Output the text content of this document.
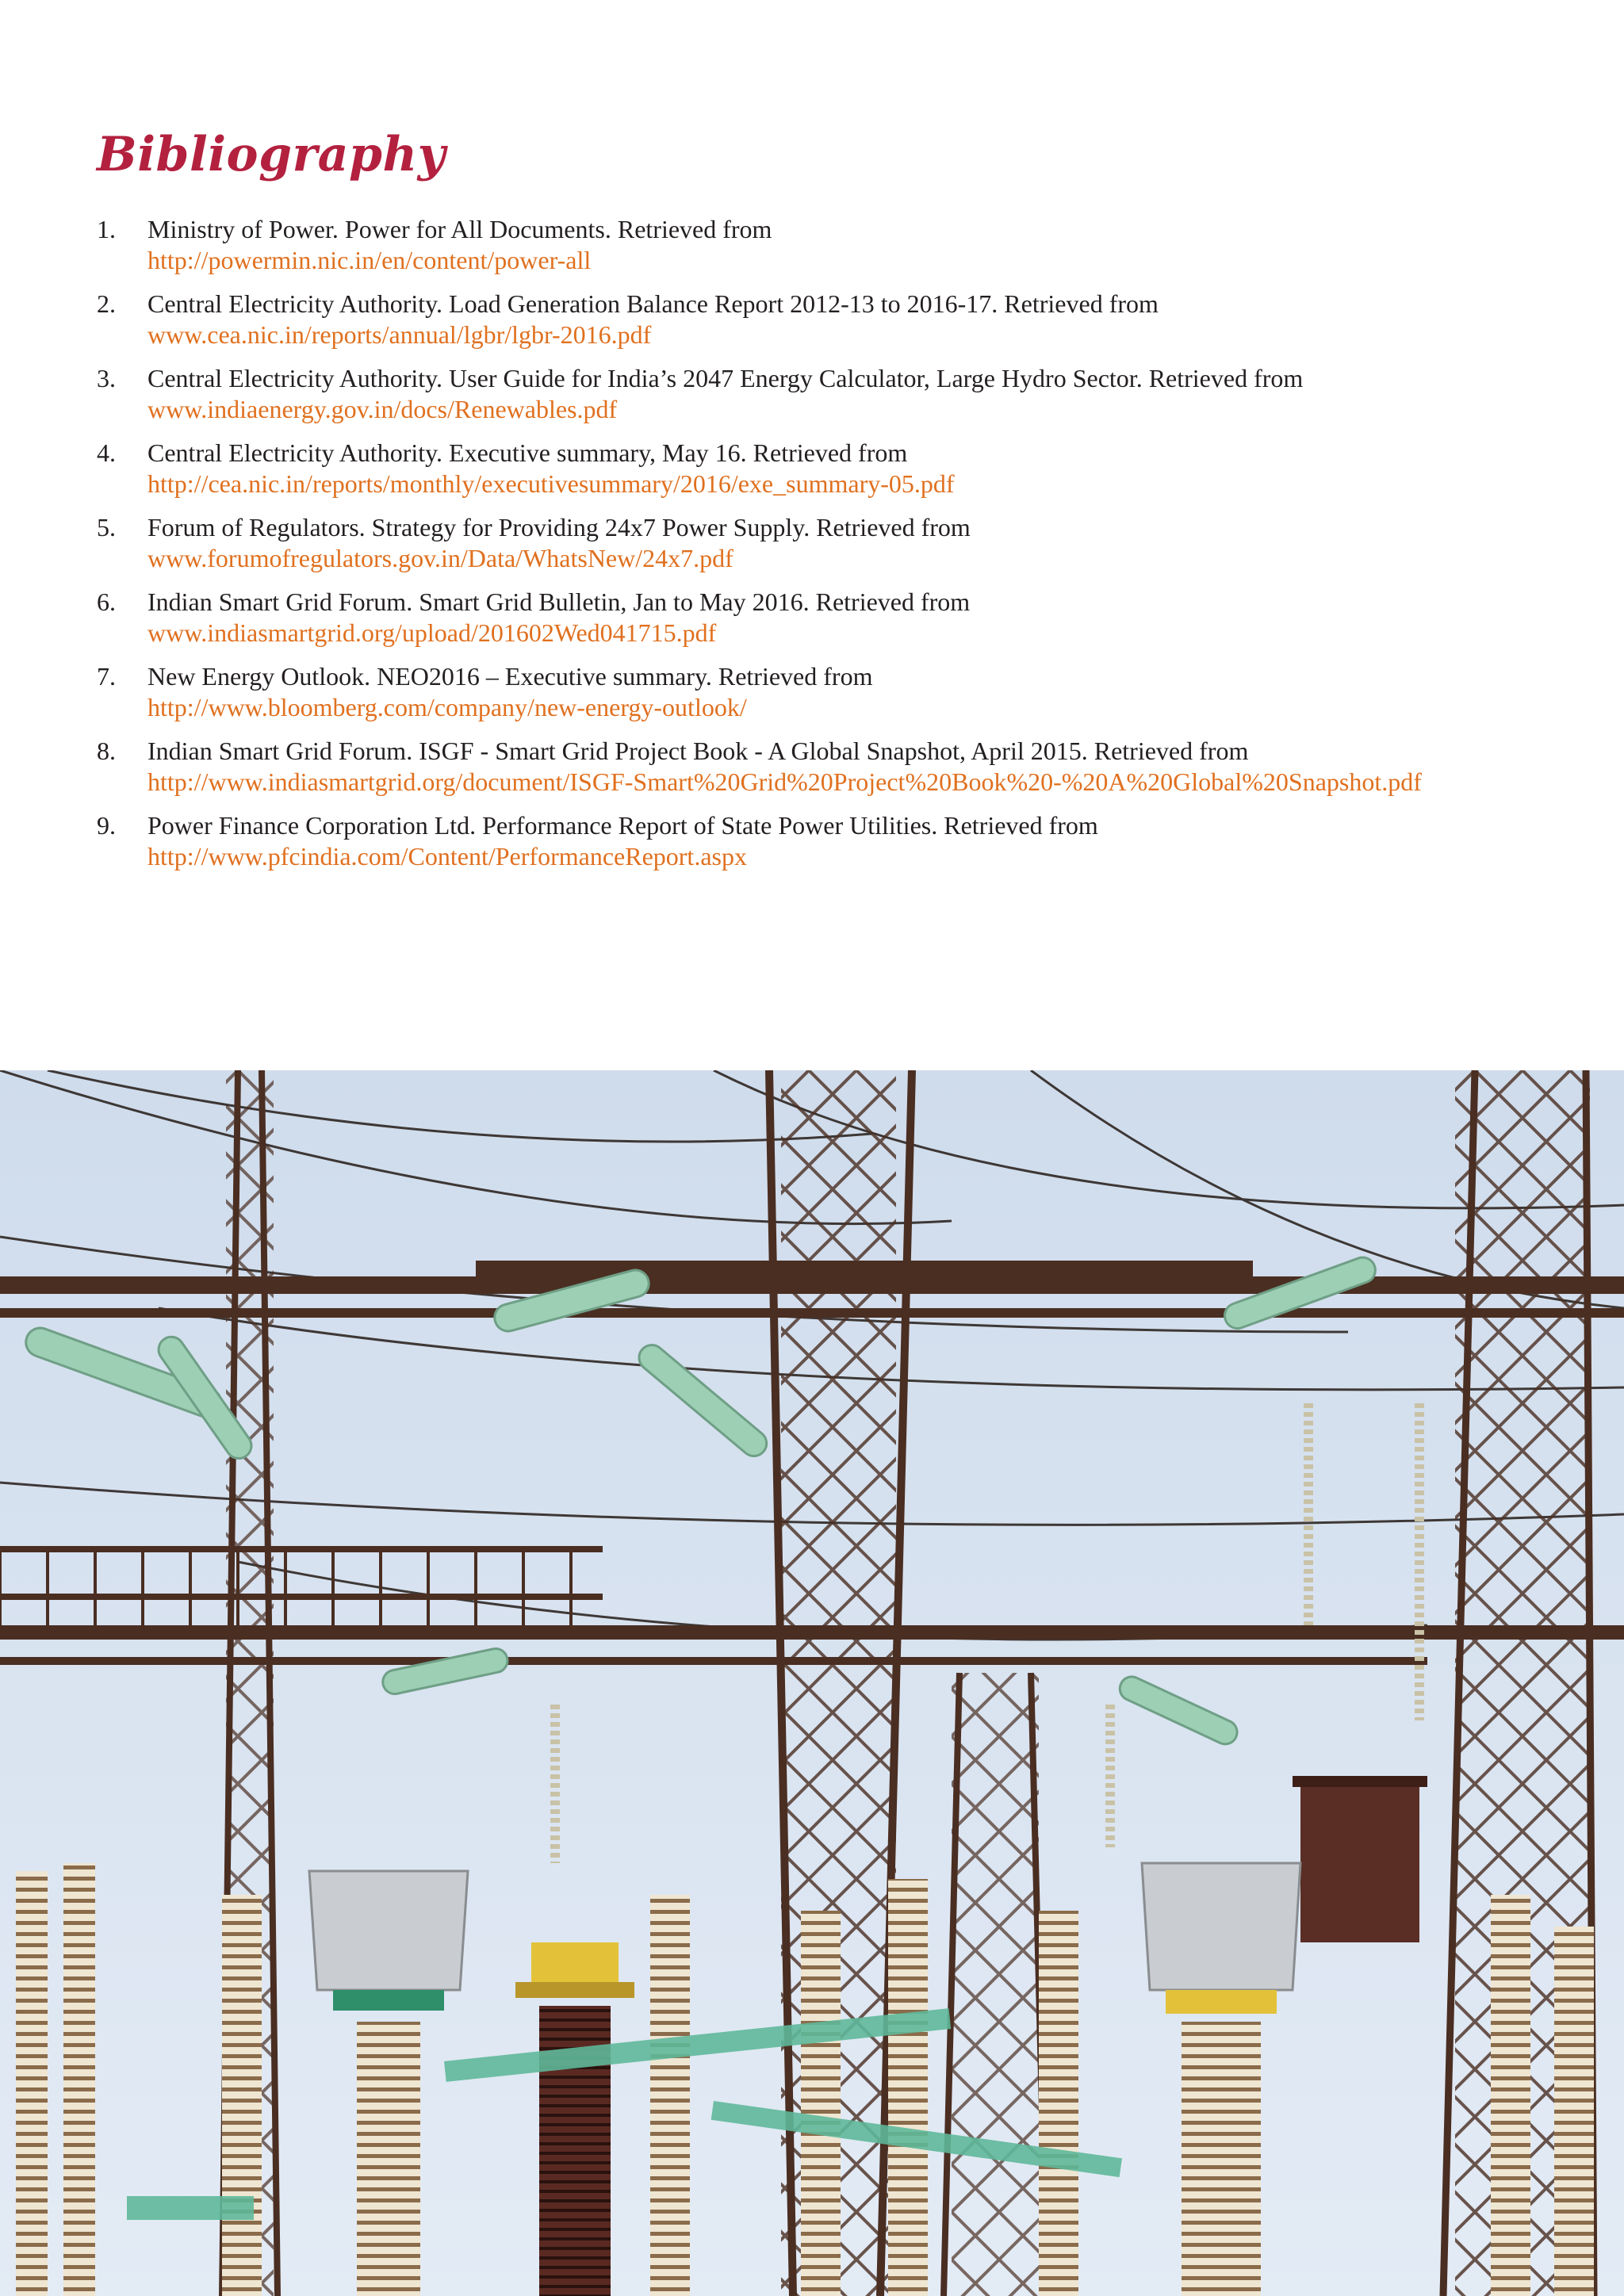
Bibliography
1. Ministry of Power. Power for All Documents. Retrieved from
http://powermin.nic.in/en/content/power-all
2. Central Electricity Authority. Load Generation Balance Report 2012-13 to 2016-17. Retrieved from
www.cea.nic.in/reports/annual/lgbr/lgbr-2016.pdf
3. Central Electricity Authority. User Guide for India’s 2047 Energy Calculator, Large Hydro Sector. Retrieved from
www.indiaenergy.gov.in/docs/Renewables.pdf
4. Central Electricity Authority. Executive summary, May 16. Retrieved from
http://cea.nic.in/reports/monthly/executivesummary/2016/exe_summary-05.pdf
5. Forum of Regulators. Strategy for Providing 24x7 Power Supply. Retrieved from
www.forumofregulators.gov.in/Data/WhatsNew/24x7.pdf
6. Indian Smart Grid Forum. Smart Grid Bulletin, Jan to May 2016. Retrieved from
www.indiasmartgrid.org/upload/201602Wed041715.pdf
7. New Energy Outlook. NEO2016 – Executive summary. Retrieved from
http://www.bloomberg.com/company/new-energy-outlook/
8. Indian Smart Grid Forum. ISGF - Smart Grid Project Book - A Global Snapshot, April 2015. Retrieved from
http://www.indiasmartgrid.org/document/ISGF-Smart%20Grid%20Project%20Book%20-%20A%20Global%20Snapshot.pdf
9. Power Finance Corporation Ltd. Performance Report of State Power Utilities. Retrieved from
http://www.pfcindia.com/Content/PerformanceReport.aspx
